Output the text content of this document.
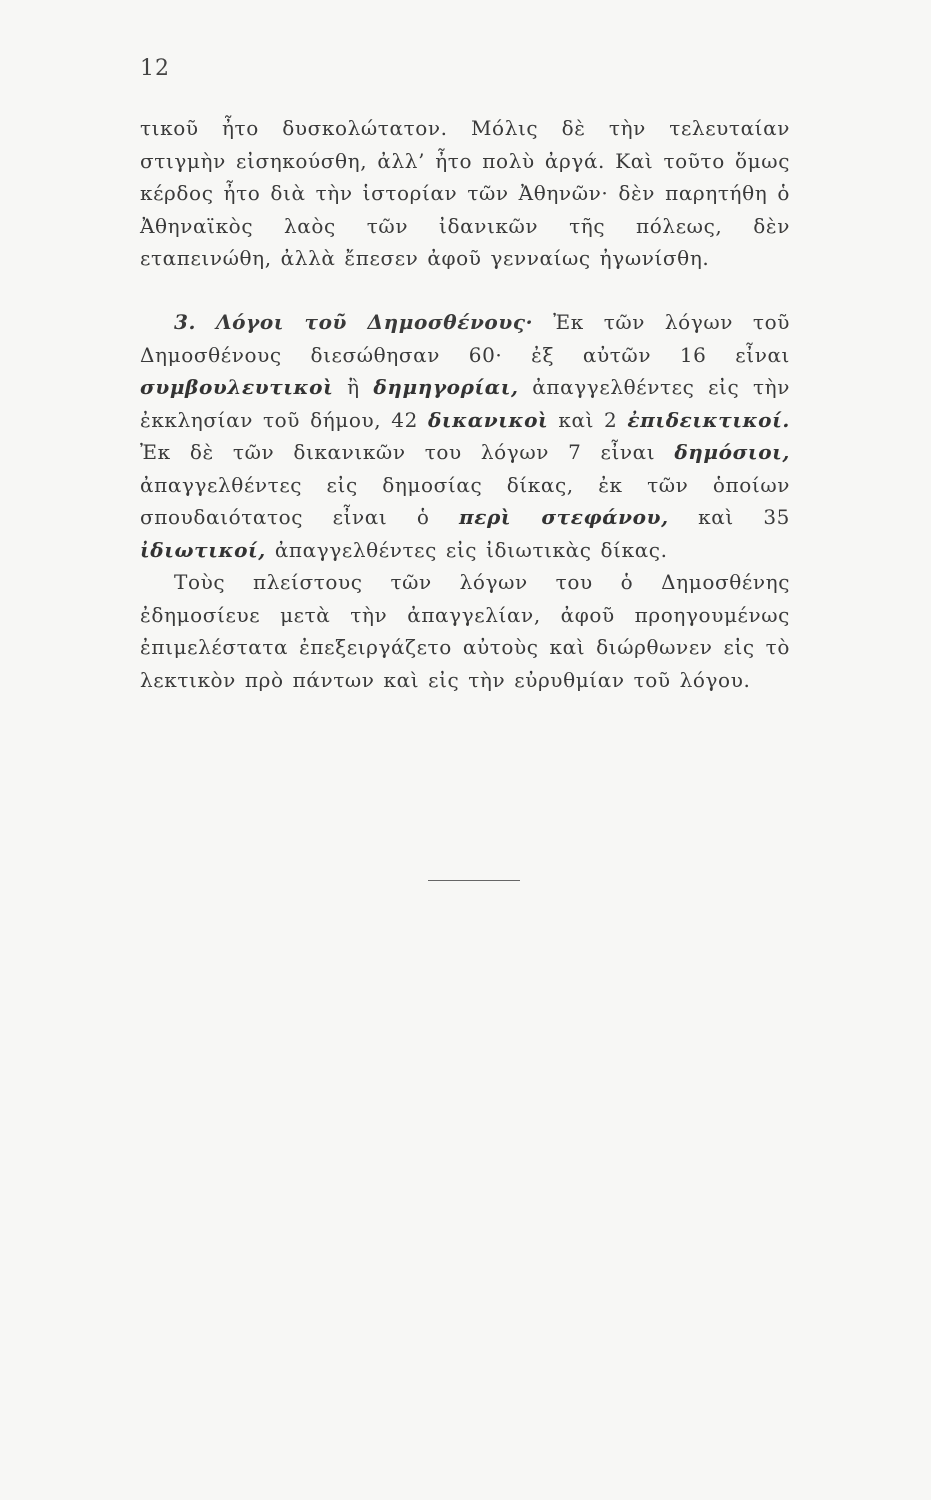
12

τικοῦ ἦτο δυσκολώτατον. Μόλις δὲ τὴν τελευταίαν στιγμὴν εἰσηκούσθη, ἀλλ’ ἦτο πολὺ ἀργά. Καὶ τοῦτο ὅμως κέρδος ἦτο διὰ τὴν ἱστορίαν τῶν Ἀθηνῶν· δὲν παρητήθη ὁ Ἀθηναϊκὸς λαὸς τῶν ἰδανικῶν τῆς πόλεως, δὲν εταπεινώθη, ἀλλὰ ἔπεσεν ἀφοῦ γενναίως ἠγωνίσθη.

3. Λόγοι τοῦ Δημοσθένους· Ἐκ τῶν λόγων τοῦ Δημοσθένους διεσώθησαν 60· ἐξ αὐτῶν 16 εἶναι συμβουλευτικοὶ ἢ δημηγορίαι, ἀπαγγελθέντες εἰς τὴν ἐκκλησίαν τοῦ δήμου, 42 δικανικοὶ καὶ 2 ἐπιδεικτικοί. Ἐκ δὲ τῶν δικανικῶν του λόγων 7 εἶναι δημόσιοι, ἀπαγγελθέντες εἰς δημοσίας δίκας, ἐκ τῶν ὁποίων σπουδαιότατος εἶναι ὁ περὶ στεφάνου, καὶ 35 ἰδιωτικοί, ἀπαγγελθέντες εἰς ἰδιωτικὰς δίκας.

Τοὺς πλείστους τῶν λόγων του ὁ Δημοσθένης ἐδημοσίευε μετὰ τὴν ἀπαγγελίαν, ἀφοῦ προηγουμένως ἐπιμελέστατα ἐπεξειργάζετο αὐτοὺς καὶ διώρθωνεν εἰς τὸ λεκτικὸν πρὸ πάντων καὶ εἰς τὴν εὐρυθμίαν τοῦ λόγου.
